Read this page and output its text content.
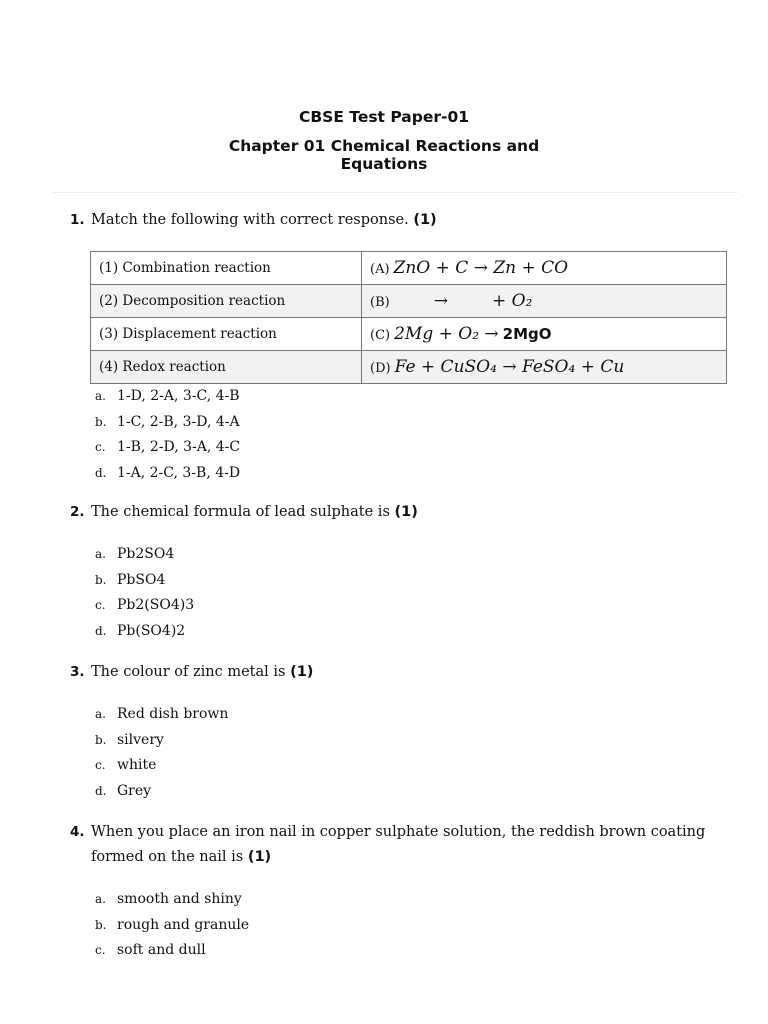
CBSE Test Paper-01
Chapter 01 Chemical Reactions and
Equations
1. Match the following with correct response. (1)
(1) Combination reaction	(A) ZnO + C → Zn + CO
(2) Decomposition reaction	(B) → + O₂
(3) Displacement reaction	(C) 2Mg + O₂ → 2MgO
(4) Redox reaction	(D) Fe + CuSO₄ → FeSO₄ + Cu
a. 1-D, 2-A, 3-C, 4-B
b. 1-C, 2-B, 3-D, 4-A
c. 1-B, 2-D, 3-A, 4-C
d. 1-A, 2-C, 3-B, 4-D
2. The chemical formula of lead sulphate is (1)
a. Pb2SO4
b. PbSO4
c. Pb2(SO4)3
d. Pb(SO4)2
3. The colour of zinc metal is (1)
a. Red dish brown
b. silvery
c. white
d. Grey
4. When you place an iron nail in copper sulphate solution, the reddish brown coating formed on the nail is (1)
a. smooth and shiny
b. rough and granule
c. soft and dull
